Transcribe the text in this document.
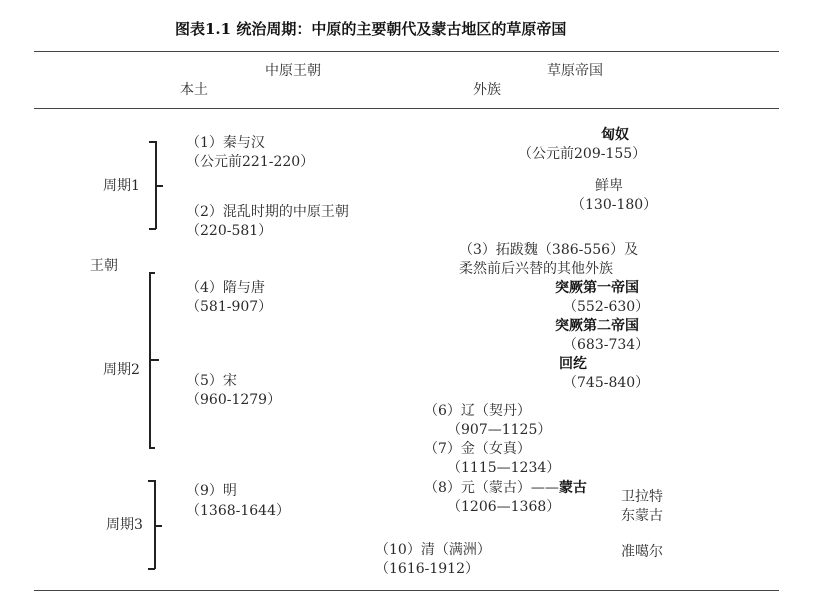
图表1.1 统治周期：中原的主要朝代及蒙古地区的草原帝国
中原王朝
本土
草原帝国
外族
王朝
周期1
周期2
周期3
（1）秦与汉
（公元前221-220）
（2）混乱时期的中原王朝
（220-581）
（4）隋与唐
（581-907）
（5）宋
（960-1279）
（9）明
（1368-1644）
（10）清（满洲）
（1616-1912）
匈奴
（公元前209-155）
鲜卑
（130-180）
（3）拓跋魏（386-556）及
柔然前后兴替的其他外族
突厥第一帝国
（552-630）
突厥第二帝国
（683-734）
回纥
（745-840）
（6）辽（契丹）
（907—1125）
（7）金（女真）
（1115—1234）
（8）元（蒙古）——蒙古
（1206—1368）
卫拉特
东蒙古
准噶尔
